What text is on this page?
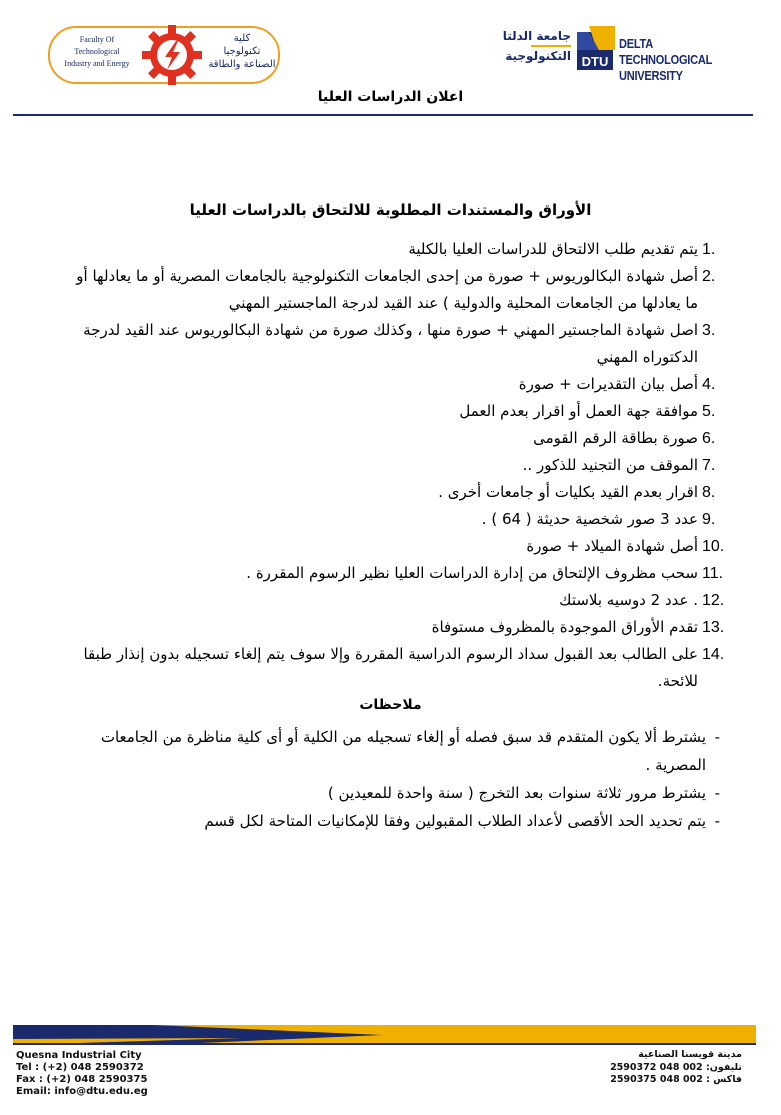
Faculty Of
Technological
Industry and Energy
كلية
تكنولوجيا
الصناعة والطاقة
جامعة الدلتا
التكنولوجية DTU
DELTA TECHNOLOGICAL
UNIVERSITY
اعلان الدراسات العليا
الأوراق والمستندات المطلوبة للالتحاق بالدراسات العليا
1.
يتم تقديم طلب الالتحاق للدراسات العليا بالكلية
2.
أصل شهادة البكالوريوس + صورة من إحدى الجامعات التكنولوجية بالجامعات المصرية أو ما يعادلها أو ما يعادلها من الجامعات المحلية والدولية ) عند القيد لدرجة الماجستير المهني
3.
اصل شهادة الماجستير المهني + صورة منها ، وكذلك صورة من شهادة البكالوريوس عند القيد لدرجة الدكتوراه المهني
4.
أصل بيان التقديرات + صورة
5.
موافقة جهة العمل أو اقرار بعدم العمل
6.
صورة بطاقة الرقم القومى
7.
الموقف من التجنيد للذكور ..
8.
اقرار بعدم القيد بكليات أو جامعات أخرى .
9.
عدد 3 صور شخصية حديثة ( 64 ) .
10.
أصل شهادة الميلاد + صورة
11.
سحب مظروف الإلتحاق من إدارة الدراسات العليا نظير الرسوم المقررة .
12.
. عدد 2 دوسيه بلاستك
13.
تقدم الأوراق الموجودة بالمظروف مستوفاة
14.
على الطالب بعد القبول سداد الرسوم الدراسية المقررة وإلا سوف يتم إلغاء تسجيله بدون إنذار طبقا للائحة.
ملاحظات
-
يشترط ألا يكون المتقدم قد سبق فصله أو إلغاء تسجيله من الكلية أو أى كلية مناظرة من الجامعات المصرية .
-
يشترط مرور ثلاثة سنوات بعد التخرج ( سنة واحدة للمعيدين )
-
يتم تحديد الحد الأقصى لأعداد الطلاب المقبولين وفقا للإمكانيات المتاحة لكل قسم
Quesna Industrial City
Tel : (+2) 048 2590372
Fax : (+2) 048 2590375
Email: info@dtu.edu.eg
مدينة قويسنا الصناعية
تليفون: 002 048 2590372
فاكس : 002 048 2590375
